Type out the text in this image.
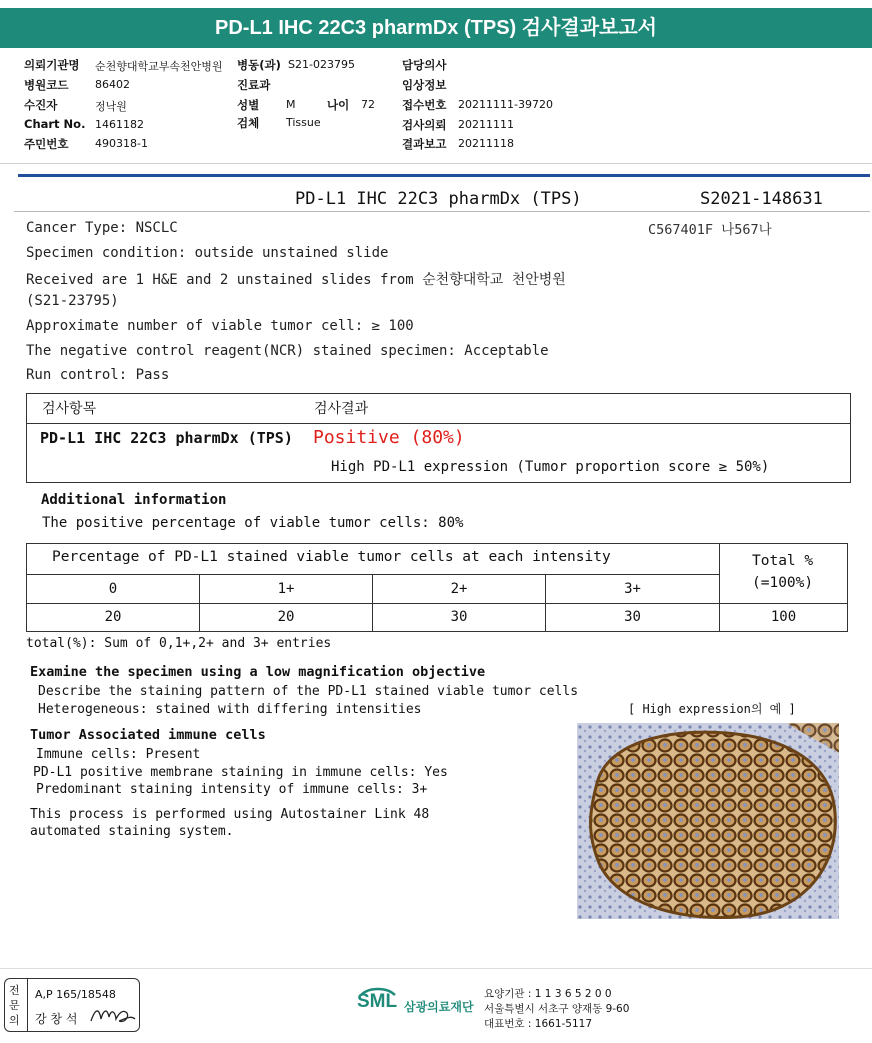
PD-L1 IHC 22C3 pharmDx (TPS) 검사결과보고서
의뢰기관명 순천향대학교부속천안병원 병동(과) S21-023795
병원코드 86402	진료과
수진자	정낙원	성별 M	나이 72
Chart No. 1461182	검체 Tissue
주민번호 490318-1
담당의사
임상정보
접수번호 20211111-39720
검사의뢰 20211111
결과보고 20211118
PD-L1 IHC 22C3 pharmDx (TPS)	S2021-148631
C567401F 나567나
Cancer Type: NSCLC
Specimen condition: outside unstained slide
Received are 1 H&E and 2 unstained slides from 순천향대학교 천안병원
(S21-23795)
Approximate number of viable tumor cell: ≥ 100
The negative control reagent(NCR) stained specimen: Acceptable
Run control: Pass
검사항목	검사결과
PD-L1 IHC 22C3 pharmDx (TPS) Positive (80%)
High PD-L1 expression (Tumor proportion score ≥ 50%)
Additional information
The positive percentage of viable tumor cells: 80%
Percentage of PD-L1 stained viable tumor cells at each intensity	Total %
(=100%)
0	1+	2+	3+
20	20	30	30	100
total(%): Sum of 0,1+,2+ and 3+ entries
Examine the specimen using a low magnification objective
Describe the staining pattern of the PD-L1 stained viable tumor cells
Heterogeneous: stained with differing intensities
Tumor Associated immune cells
Immune cells: Present
PD-L1 positive membrane staining in immune cells: Yes
Predominant staining intensity of immune cells: 3+
This process is performed using Autostainer Link 48
automated staining system.
[ High expression의 예 ]
전문의
A,P 165/18548
강 창 석
SML 삼광의료재단
요양기관 : 1 1 3 6 5 2 0 0
서울특별시 서초구 양재동 9-60
대표번호 : 1661-5117
